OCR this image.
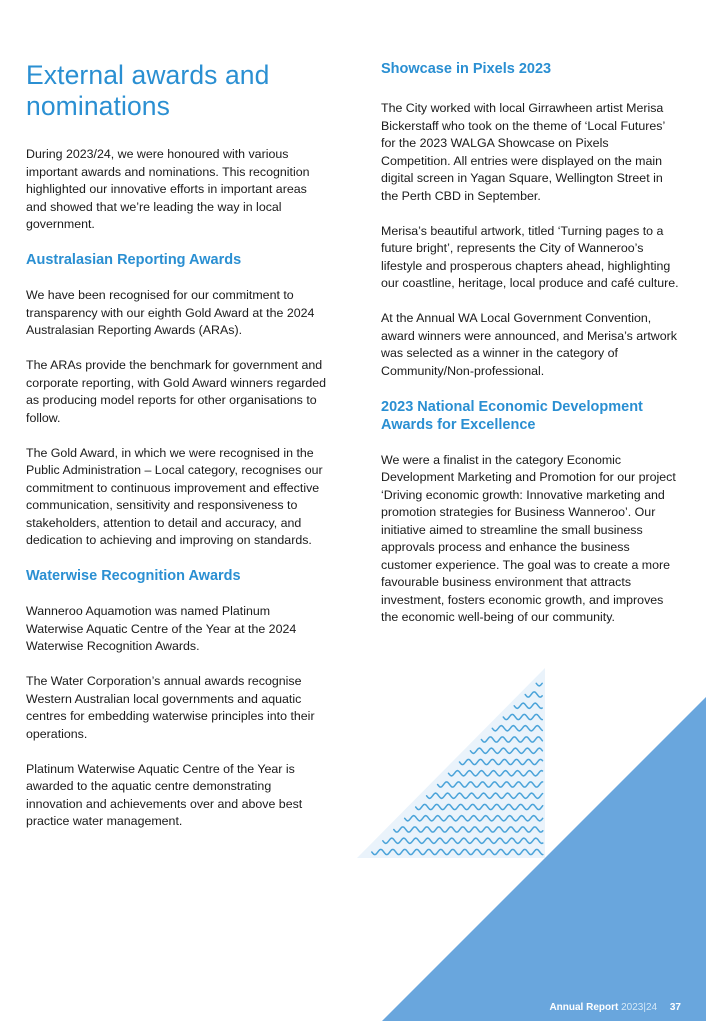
External awards and nominations

During 2023/24, we were honoured with various important awards and nominations. This recognition highlighted our innovative efforts in important areas and showed that we’re leading the way in local government.

Australasian Reporting Awards

We have been recognised for our commitment to transparency with our eighth Gold Award at the 2024 Australasian Reporting Awards (ARAs).

The ARAs provide the benchmark for government and corporate reporting, with Gold Award winners regarded as producing model reports for other organisations to follow.

The Gold Award, in which we were recognised in the Public Administration – Local category, recognises our commitment to continuous improvement and effective communication, sensitivity and responsiveness to stakeholders, attention to detail and accuracy, and dedication to achieving and improving on standards.

Waterwise Recognition Awards

Wanneroo Aquamotion was named Platinum Waterwise Aquatic Centre of the Year at the 2024 Waterwise Recognition Awards.

The Water Corporation’s annual awards recognise Western Australian local governments and aquatic centres for embedding waterwise principles into their operations.

Platinum Waterwise Aquatic Centre of the Year is awarded to the aquatic centre demonstrating innovation and achievements over and above best practice water management.

Showcase in Pixels 2023

The City worked with local Girrawheen artist Merisa Bickerstaff who took on the theme of ‘Local Futures’ for the 2023 WALGA Showcase on Pixels Competition. All entries were displayed on the main digital screen in Yagan Square, Wellington Street in the Perth CBD in September.

Merisa’s beautiful artwork, titled ‘Turning pages to a future bright’, represents the City of Wanneroo’s lifestyle and prosperous chapters ahead, highlighting our coastline, heritage, local produce and café culture.

At the Annual WA Local Government Convention, award winners were announced, and Merisa’s artwork was selected as a winner in the category of Community/Non-professional.

2023 National Economic Development Awards for Excellence

We were a finalist in the category Economic Development Marketing and Promotion for our project ‘Driving economic growth: Innovative marketing and promotion strategies for Business Wanneroo’. Our initiative aimed to streamline the small business approvals process and enhance the business customer experience. The goal was to create a more favourable business environment that attracts investment, fosters economic growth, and improves the economic well-being of our community.

Annual Report 2023|24 37
